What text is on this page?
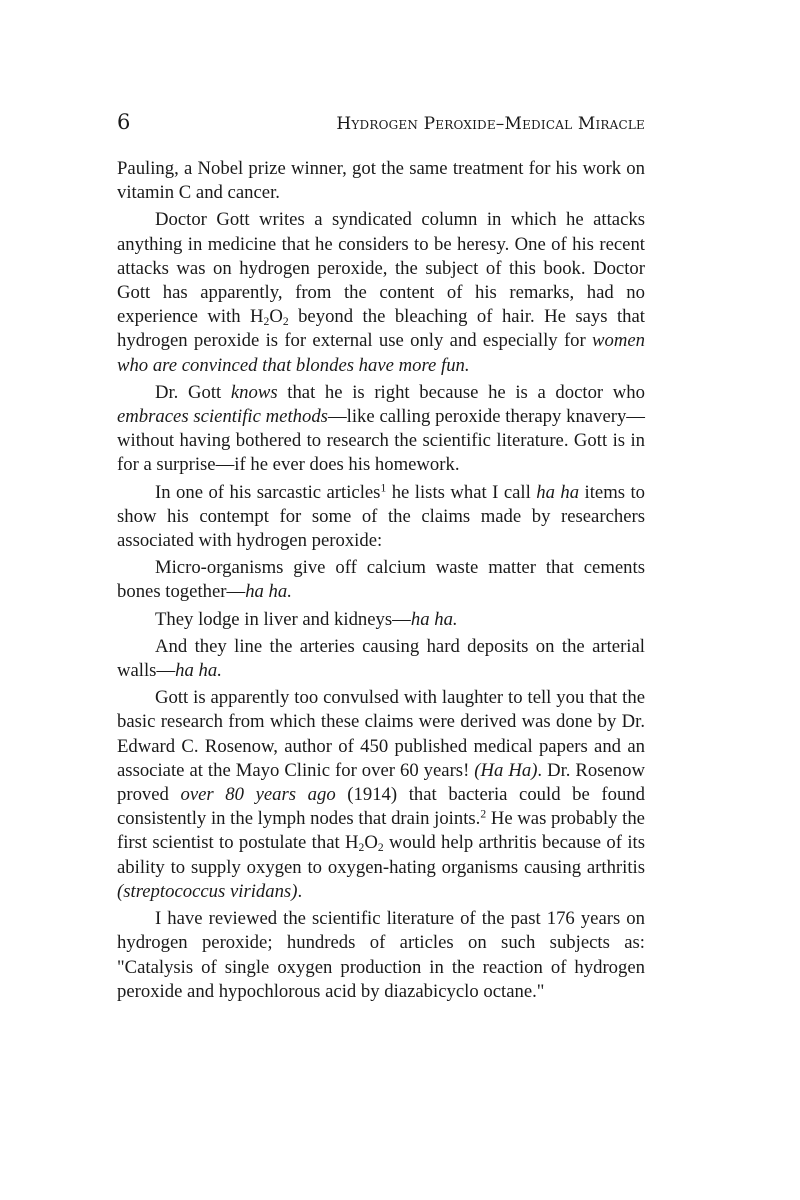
6	Hydrogen Peroxide–Medical Miracle

Pauling, a Nobel prize winner, got the same treatment for his work on vitamin C and cancer.

Doctor Gott writes a syndicated column in which he attacks anything in medicine that he considers to be heresy. One of his recent attacks was on hydrogen peroxide, the subject of this book. Doctor Gott has apparently, from the content of his remarks, had no experience with $H_2O_2$ beyond the bleaching of hair. He says that hydrogen peroxide is for external use only and especially for women who are convinced that blondes have more fun.

Dr. Gott knows that he is right because he is a doctor who embraces scientific methods—like calling peroxide therapy knavery—without having bothered to research the scientific literature. Gott is in for a surprise—if he ever does his homework.

In one of his sarcastic articles$^1$ he lists what I call ha ha items to show his contempt for some of the claims made by researchers associated with hydrogen peroxide:

Micro-organisms give off calcium waste matter that cements bones together—ha ha.

They lodge in liver and kidneys—ha ha.

And they line the arteries causing hard deposits on the arterial walls—ha ha.

Gott is apparently too convulsed with laughter to tell you that the basic research from which these claims were derived was done by Dr. Edward C. Rosenow, author of 450 published medical papers and an associate at the Mayo Clinic for over 60 years! (Ha Ha). Dr. Rosenow proved over 80 years ago (1914) that bacteria could be found consistently in the lymph nodes that drain joints.$^2$ He was probably the first scientist to postulate that $H_2O_2$ would help arthritis because of its ability to supply oxygen to oxygen-hating organisms causing arthritis (streptococcus viridans).

I have reviewed the scientific literature of the past 176 years on hydrogen peroxide; hundreds of articles on such subjects as: "Catalysis of single oxygen production in the reaction of hydrogen peroxide and hypochlorous acid by diazabicyclo octane."
